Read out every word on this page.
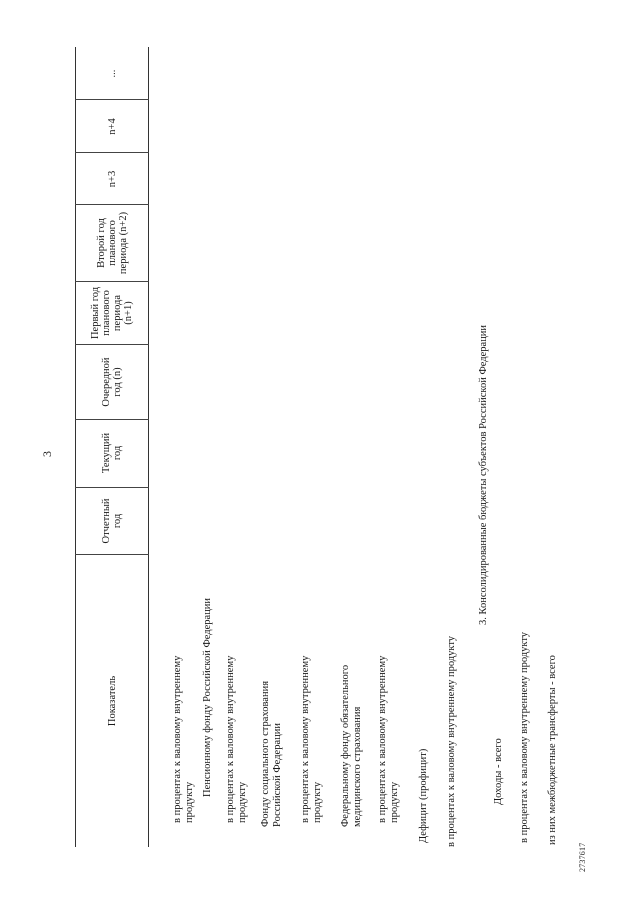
3
Показатель
Отчетный год
Текущий год
Очередной год (n)
Первый год планового периода (n+1)
Второй год планового периода (n+2)
n+3
n+4
...
в процентах к валовому внутреннему продукту
Пенсионному фонду Российской Федерации в процентах к валовому внутреннему продукту Фонду социального страхования Российской Федерации в процентах к валовому внутреннему продукту Федеральному фонду обязательного медицинского страхования в процентах к валовому внутреннему продукту Дефицит (профицит) в процентах к валовому внутреннему продукту
3. Консолидированные бюджеты субъектов Российской Федерации
Доходы - всего в процентах к валовому внутреннему продукту из них межбюджетные трансферты - всего
2737617
